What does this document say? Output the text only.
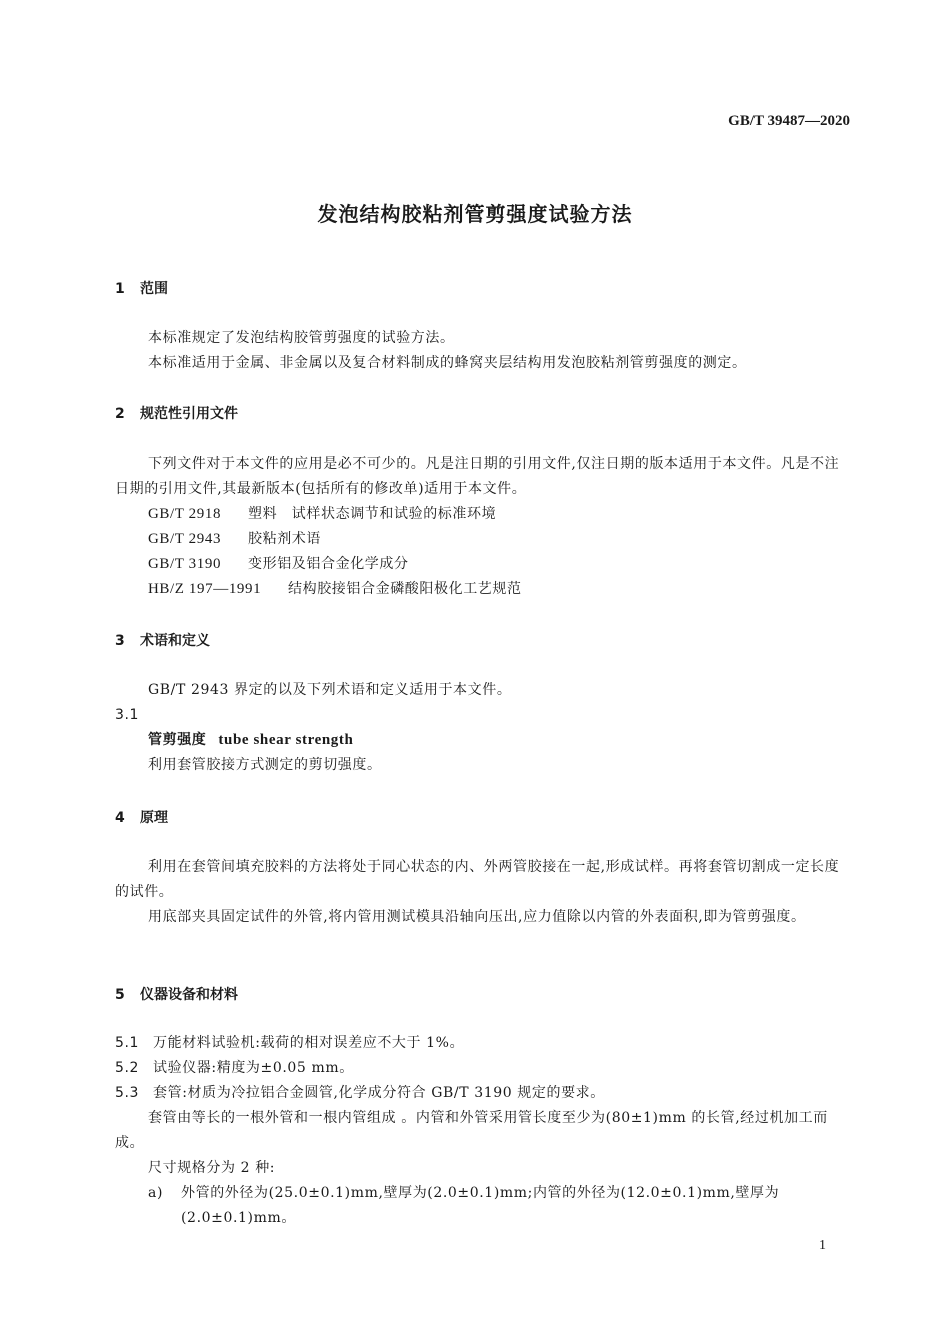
GB/T 39487—2020
发泡结构胶粘剂管剪强度试验方法
1 范围
本标准规定了发泡结构胶管剪强度的试验方法。
本标准适用于金属、非金属以及复合材料制成的蜂窝夹层结构用发泡胶粘剂管剪强度的测定。
2 规范性引用文件
下列文件对于本文件的应用是必不可少的。凡是注日期的引用文件,仅注日期的版本适用于本文件。凡是不注日期的引用文件,其最新版本(包括所有的修改单)适用于本文件。
GB/T 2918 塑料　试样状态调节和试验的标准环境
GB/T 2943 胶粘剂术语
GB/T 3190 变形铝及铝合金化学成分
HB/Z 197—1991 结构胶接铝合金磷酸阳极化工艺规范
3 术语和定义
GB/T 2943 界定的以及下列术语和定义适用于本文件。
3.1
管剪强度 tube shear strength
利用套管胶接方式测定的剪切强度。
4 原理
利用在套管间填充胶料的方法将处于同心状态的内、外两管胶接在一起,形成试样。再将套管切割成一定长度的试件。
用底部夹具固定试件的外管,将内管用测试模具沿轴向压出,应力值除以内管的外表面积,即为管剪强度。
5 仪器设备和材料
5.1 万能材料试验机:载荷的相对误差应不大于 1%。
5.2 试验仪器:精度为±0.05 mm。
5.3 套管:材质为冷拉铝合金圆管,化学成分符合 GB/T 3190 规定的要求。
套管由等长的一根外管和一根内管组成 。内管和外管采用管长度至少为(80±1)mm 的长管,经过机加工而成。
尺寸规格分为 2 种:
a) 外管的外径为(25.0±0.1)mm,壁厚为(2.0±0.1)mm;内管的外径为(12.0±0.1)mm,壁厚为
(2.0±0.1)mm。
1
